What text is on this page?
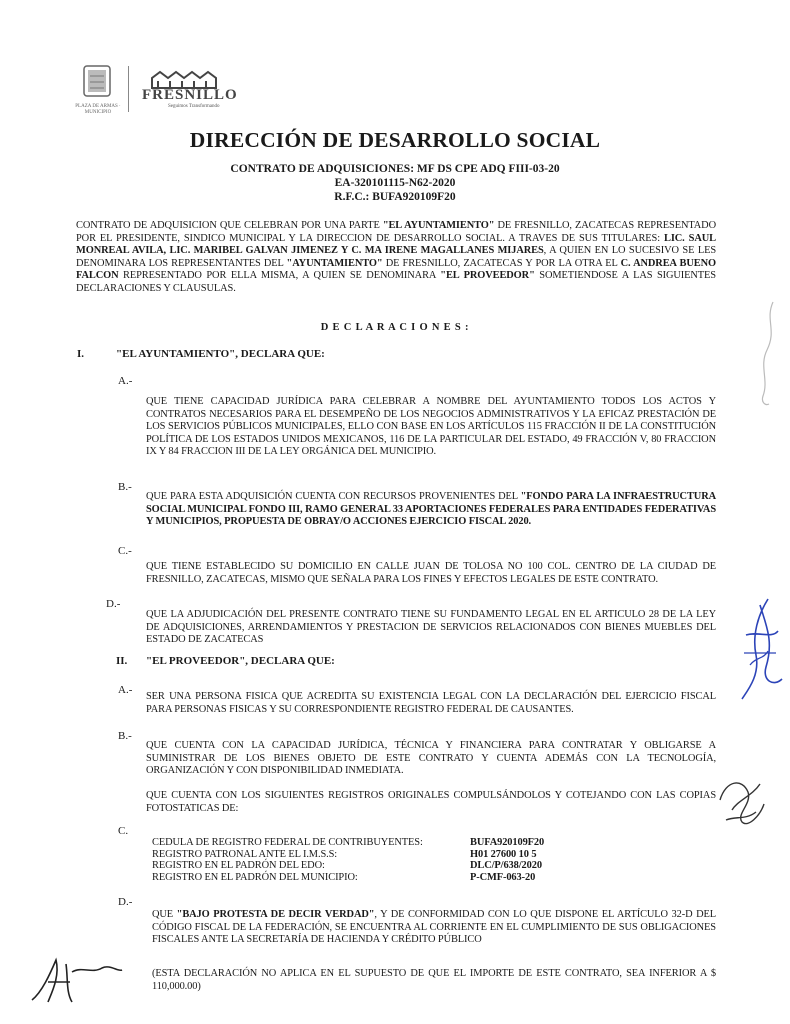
PLAZA DE ARMAS · MUNICIPIO
FRESNILLO
Seguimos Transformando
DIRECCIÓN DE DESARROLLO SOCIAL
CONTRATO DE ADQUISICIONES: MF DS CPE ADQ FIII-03-20
EA-320101115-N62-2020
R.F.C.: BUFA920109F20
CONTRATO DE ADQUISICION QUE CELEBRAN POR UNA PARTE "EL AYUNTAMIENTO" DE FRESNILLO, ZACATECAS REPRESENTADO POR EL PRESIDENTE, SINDICO MUNICIPAL Y LA DIRECCION DE DESARROLLO SOCIAL. A TRAVES DE SUS TITULARES: LIC. SAUL MONREAL AVILA, LIC. MARIBEL GALVAN JIMENEZ Y C. MA IRENE MAGALLANES MIJARES, A QUIEN EN LO SUCESIVO SE LES DENOMINARA LOS REPRESENTANTES DEL "AYUNTAMIENTO" DE FRESNILLO, ZACATECAS Y POR LA OTRA EL C. ANDREA BUENO FALCON REPRESENTADO POR ELLA MISMA, A QUIEN SE DENOMINARA "EL PROVEEDOR" SOMETIENDOSE A LAS SIGUIENTES DECLARACIONES Y CLAUSULAS.
D E C L A R A C I O N E S :
I.	"EL AYUNTAMIENTO", DECLARA QUE:
A.-
QUE TIENE CAPACIDAD JURÍDICA PARA CELEBRAR A NOMBRE DEL AYUNTAMIENTO TODOS LOS ACTOS Y CONTRATOS NECESARIOS PARA EL DESEMPEÑO DE LOS NEGOCIOS ADMINISTRATIVOS Y LA EFICAZ PRESTACIÓN DE LOS SERVICIOS PÚBLICOS MUNICIPALES, ELLO CON BASE EN LOS ARTÍCULOS 115 FRACCIÓN II DE LA CONSTITUCIÓN POLÍTICA DE LOS ESTADOS UNIDOS MEXICANOS, 116 DE LA PARTICULAR DEL ESTADO, 49 FRACCIÓN V, 80 FRACCION IX Y 84 FRACCION III DE LA LEY ORGÁNICA DEL MUNICIPIO.
B.-
QUE PARA ESTA ADQUISICIÓN CUENTA CON RECURSOS PROVENIENTES DEL "FONDO PARA LA INFRAESTRUCTURA SOCIAL MUNICIPAL FONDO III, RAMO GENERAL 33 APORTACIONES FEDERALES PARA ENTIDADES FEDERATIVAS Y MUNICIPIOS, PROPUESTA DE OBRAY/O ACCIONES EJERCICIO FISCAL 2020.
C.-
QUE TIENE ESTABLECIDO SU DOMICILIO EN CALLE JUAN DE TOLOSA NO 100 COL. CENTRO DE LA CIUDAD DE FRESNILLO, ZACATECAS, MISMO QUE SEÑALA PARA LOS FINES Y EFECTOS LEGALES DE ESTE CONTRATO.
D.-
QUE LA ADJUDICACIÓN DEL PRESENTE CONTRATO TIENE SU FUNDAMENTO LEGAL EN EL ARTICULO 28 DE LA LEY DE ADQUISICIONES, ARRENDAMIENTOS Y PRESTACION DE SERVICIOS RELACIONADOS CON BIENES MUEBLES DEL ESTADO DE ZACATECAS
II. "EL PROVEEDOR", DECLARA QUE:
A.-
SER UNA PERSONA FISICA QUE ACREDITA SU EXISTENCIA LEGAL CON LA DECLARACIÓN DEL EJERCICIO FISCAL PARA PERSONAS FISICAS Y SU CORRESPONDIENTE REGISTRO FEDERAL DE CAUSANTES.
B.-
QUE CUENTA CON LA CAPACIDAD JURÍDICA, TÉCNICA Y FINANCIERA PARA CONTRATAR Y OBLIGARSE A SUMINISTRAR DE LOS BIENES OBJETO DE ESTE CONTRATO Y CUENTA ADEMÁS CON LA TECNOLOGÍA, ORGANIZACIÓN Y CON DISPONIBILIDAD INMEDIATA.
QUE CUENTA CON LOS SIGUIENTES REGISTROS ORIGINALES COMPULSÁNDOLOS Y COTEJANDO CON LAS COPIAS FOTOSTATICAS DE:
C.
CEDULA DE REGISTRO FEDERAL DE CONTRIBUYENTES:	BUFA920109F20
REGISTRO PATRONAL ANTE EL I.M.S.S:	H01 27600 10 5
REGISTRO EN EL PADRÓN DEL EDO:	DLC/P/638/2020
REGISTRO EN EL PADRÓN DEL MUNICIPIO:	P-CMF-063-20
D.-
QUE "BAJO PROTESTA DE DECIR VERDAD", Y DE CONFORMIDAD CON LO QUE DISPONE EL ARTÍCULO 32-D DEL CÓDIGO FISCAL DE LA FEDERACIÓN, SE ENCUENTRA AL CORRIENTE EN EL CUMPLIMIENTO DE SUS OBLIGACIONES FISCALES ANTE LA SECRETARÍA DE HACIENDA Y CRÉDITO PÚBLICO
(ESTA DECLARACIÓN NO APLICA EN EL SUPUESTO DE QUE EL IMPORTE DE ESTE CONTRATO, SEA INFERIOR A $ 110,000.00)
